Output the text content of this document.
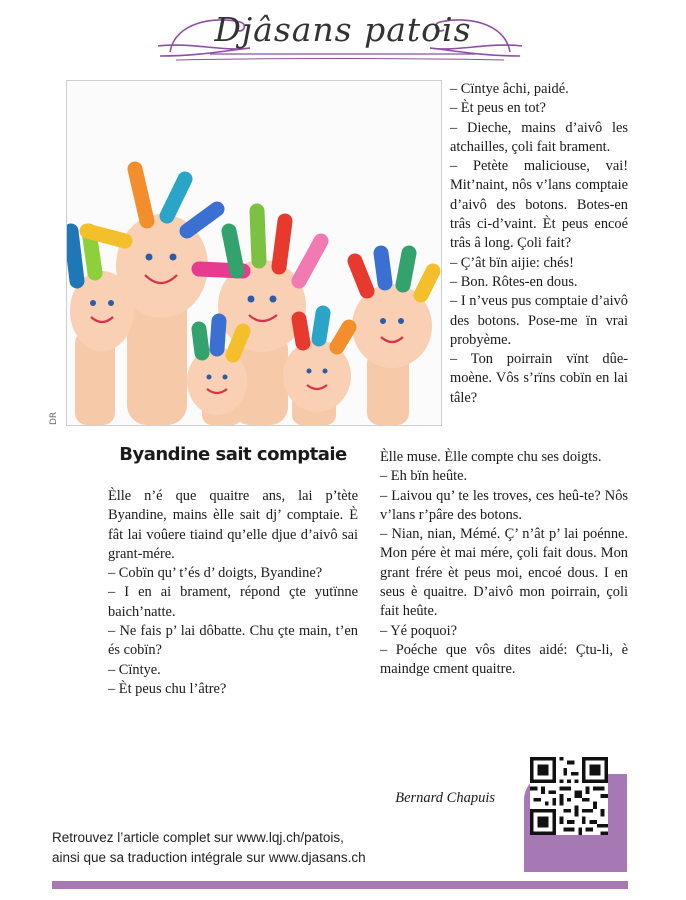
Djâsans patois
DR
Byandine sait comptaie

Èlle n’é que quaitre ans, lai p’tète Byandine, mains èlle sait dj’ comptaie. È fât lai voûere tiaind qu’elle djue d’aivô sai grant-mére.

– Cobïn qu’ t’és d’ doigts, Byandine?

– I en ai brament, répond çte yutïnne baich’natte.

– Ne fais p’ lai dôbatte. Chu çte main, t’en és cobïn?

– Cïntye.

– Èt peus chu l’âtre?

– Cïntye âchi, paidé.

– Èt peus en tot?

– Dieche, mains d’aivô les atchailles, çoli fait brament.

– Petète maliciouse, vai! Mit’naint, nôs v’lans comptaie d’aivô des botons. Botes-en trâs ci-d’vaint. Èt peus encoé trâs â long. Çoli fait?

– Ç’ât bïn aijie: chés!

– Bon. Rôtes-en dous.

– I n’veus pus comptaie d’aivô des botons. Pose-me ïn vrai probyème.

– Ton poirrain vïnt dûe-moène. Vôs s’rïns cobïn en lai tâle?

Èlle muse. Èlle compte chu ses doigts.

– Eh bïn heûte.

– Laivou qu’ te les troves, ces heû-te? Nôs v’lans r’pâre des botons.

– Nian, nian, Mémé. Ç’ n’ât p’ lai poénne. Mon pére èt mai mére, çoli fait dous. Mon grant frére èt peus moi, encoé dous. I en seus è quaitre. D’aivô mon poirrain, çoli fait heûte.

– Yé poquoi?

– Poéche que vôs dites aidé: Çtu-li, è maindge cment quaitre.

Bernard Chapuis
Retrouvez l’article complet sur www.lqj.ch/patois,
ainsi que sa traduction intégrale sur www.djasans.ch
